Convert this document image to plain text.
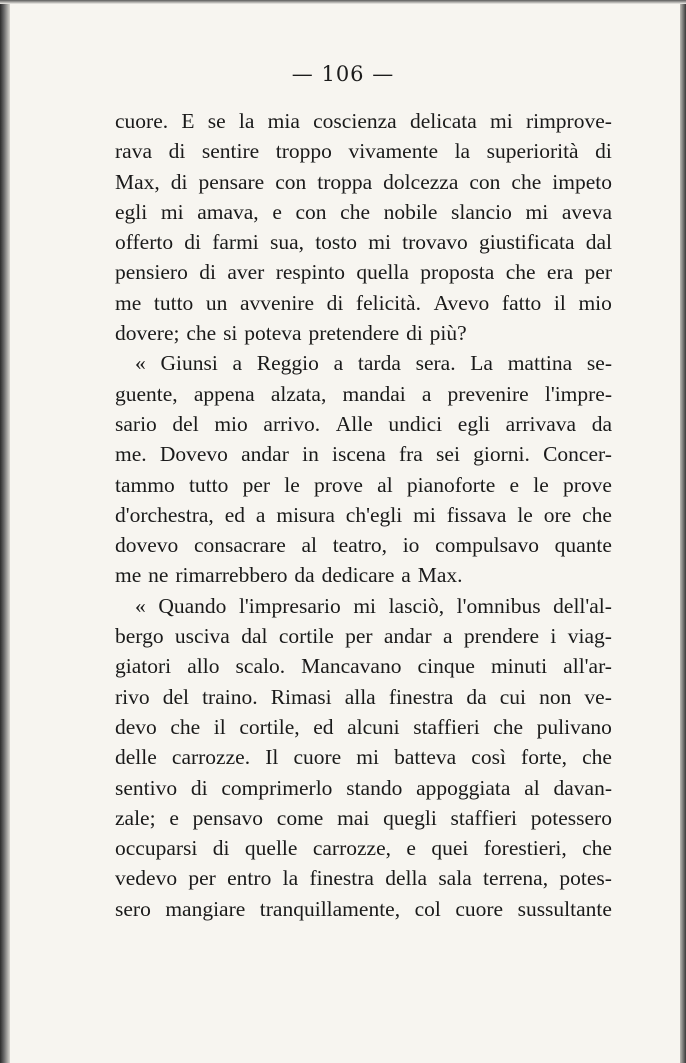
— 106 —
cuore. E se la mia coscienza delicata mi rimprove-
rava di sentire troppo vivamente la superiorità di
Max, di pensare con troppa dolcezza con che impeto
egli mi amava, e con che nobile slancio mi aveva
offerto di farmi sua, tosto mi trovavo giustificata dal
pensiero di aver respinto quella proposta che era per
me tutto un avvenire di felicità. Avevo fatto il mio
dovere; che si poteva pretendere di più?
« Giunsi a Reggio a tarda sera. La mattina se-
guente, appena alzata, mandai a prevenire l'impre-
sario del mio arrivo. Alle undici egli arrivava da
me. Dovevo andar in iscena fra sei giorni. Concer-
tammo tutto per le prove al pianoforte e le prove
d'orchestra, ed a misura ch'egli mi fissava le ore che
dovevo consacrare al teatro, io compulsavo quante
me ne rimarrebbero da dedicare a Max.
« Quando l'impresario mi lasciò, l'omnibus dell'al-
bergo usciva dal cortile per andar a prendere i viag-
giatori allo scalo. Mancavano cinque minuti all'ar-
rivo del traino. Rimasi alla finestra da cui non ve-
devo che il cortile, ed alcuni staffieri che pulivano
delle carrozze. Il cuore mi batteva così forte, che
sentivo di comprimerlo stando appoggiata al davan-
zale; e pensavo come mai quegli staffieri potessero
occuparsi di quelle carrozze, e quei forestieri, che
vedevo per entro la finestra della sala terrena, potes-
sero mangiare tranquillamente, col cuore sussultante
